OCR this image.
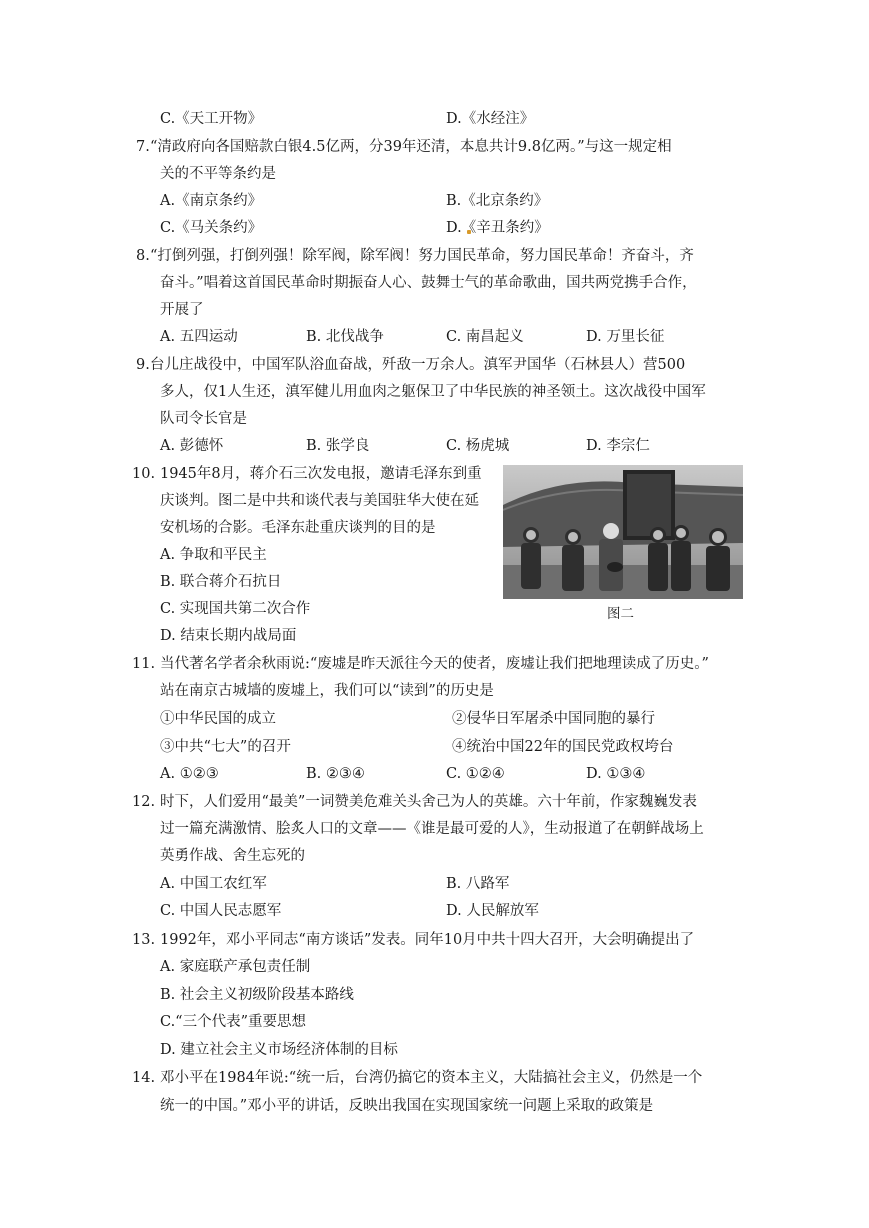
C.《天工开物》	D.《水经注》
7. “清政府向各国赔款白银4.5亿两，分39年还清，本息共计9.8亿两。”与这一规定相
关的不平等条约是
A.《南京条约》	B.《北京条约》
C.《马关条约》	D.《辛丑条约》
8. “打倒列强，打倒列强！除军阀，除军阀！努力国民革命，努力国民革命！齐奋斗，齐
奋斗。”唱着这首国民革命时期振奋人心、鼓舞士气的革命歌曲，国共两党携手合作，
开展了
A. 五四运动	B. 北伐战争	C. 南昌起义	D. 万里长征
9. 台儿庄战役中，中国军队浴血奋战，歼敌一万余人。滇军尹国华（石林县人）营500
多人，仅1人生还，滇军健儿用血肉之躯保卫了中华民族的神圣领土。这次战役中国军
队司令长官是
A. 彭德怀	B. 张学良	C. 杨虎城	D. 李宗仁
10. 1945年8月，蒋介石三次发电报，邀请毛泽东到重
庆谈判。图二是中共和谈代表与美国驻华大使在延
安机场的合影。毛泽东赴重庆谈判的目的是
A. 争取和平民主
B. 联合蒋介石抗日
C. 实现国共第二次合作
D. 结束长期内战局面
图二
11. 当代著名学者余秋雨说:“废墟是昨天派往今天的使者，废墟让我们把地理读成了历史。”
站在南京古城墙的废墟上，我们可以“读到”的历史是
①中华民国的成立	②侵华日军屠杀中国同胞的暴行
③中共“七大”的召开	④统治中国22年的国民党政权垮台
A. ①②③	B. ②③④	C. ①②④	D. ①③④
12. 时下，人们爱用“最美”一词赞美危难关头舍己为人的英雄。六十年前，作家魏巍发表
过一篇充满激情、脍炙人口的文章——《谁是最可爱的人》，生动报道了在朝鲜战场上
英勇作战、舍生忘死的
A. 中国工农红军	B. 八路军
C. 中国人民志愿军	D. 人民解放军
13. 1992年，邓小平同志“南方谈话”发表。同年10月中共十四大召开，大会明确提出了
A. 家庭联产承包责任制
B. 社会主义初级阶段基本路线
C.“三个代表”重要思想
D. 建立社会主义市场经济体制的目标
14. 邓小平在1984年说:“统一后，台湾仍搞它的资本主义，大陆搞社会主义，仍然是一个
统一的中国。”邓小平的讲话，反映出我国在实现国家统一问题上采取的政策是
